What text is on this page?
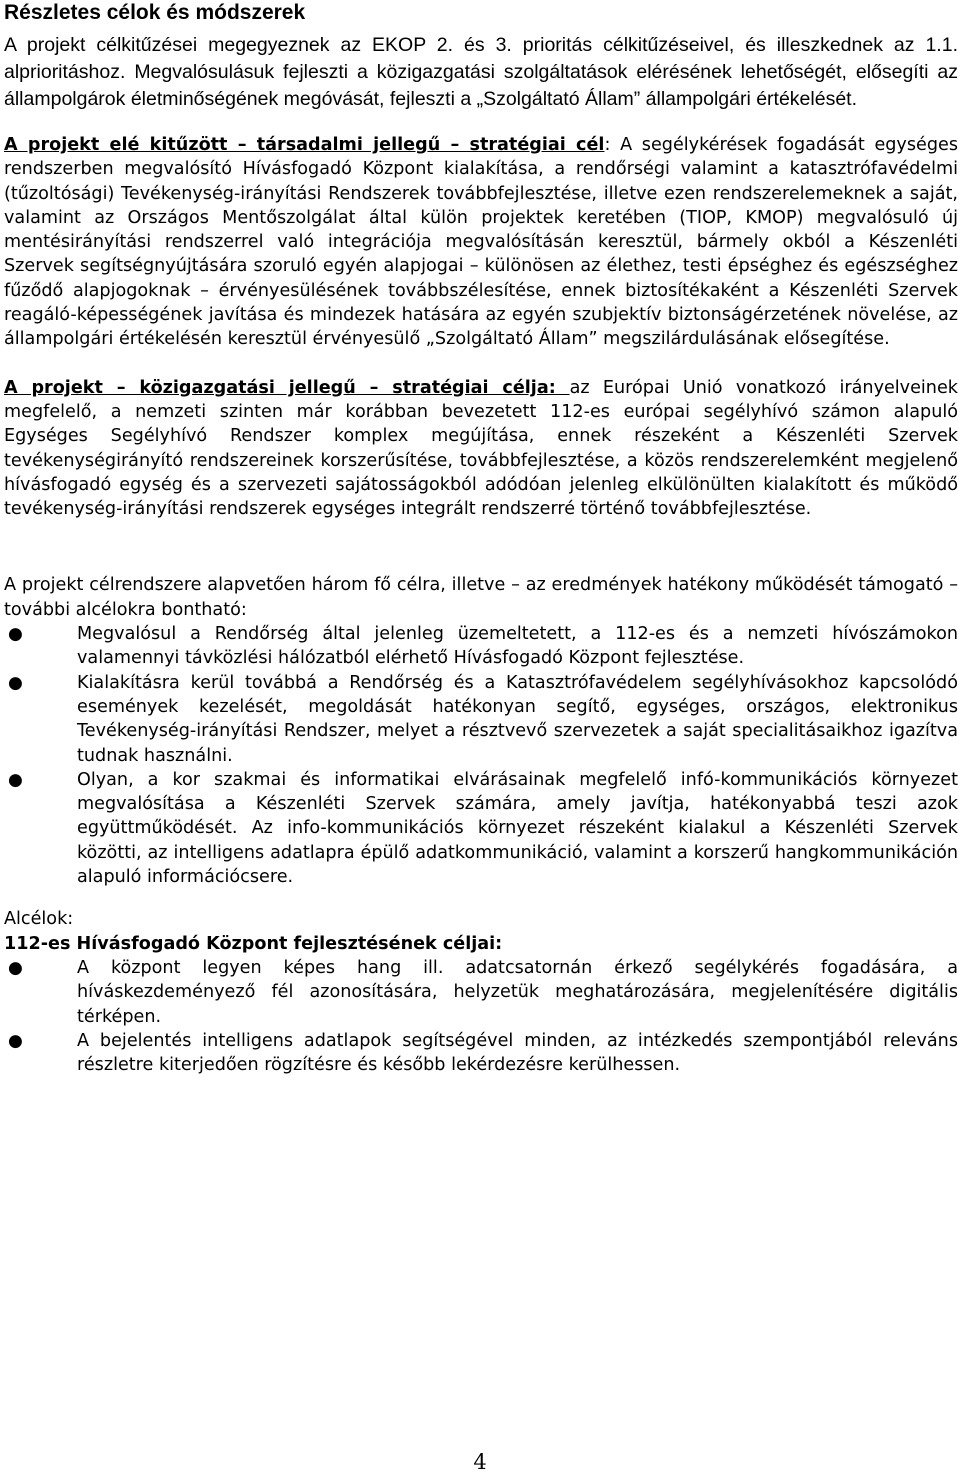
Részletes célok és módszerek

A projekt célkitűzései megegyeznek az EKOP 2. és 3. prioritás célkitűzéseivel, és illeszkednek az 1.1. alprioritáshoz. Megvalósulásuk fejleszti a közigazgatási szolgáltatások elérésének lehetőségét, elősegíti az állampolgárok életminőségének megóvását, fejleszti a „Szolgáltató Állam” állampolgári értékelését.

A projekt elé kitűzött – társadalmi jellegű – stratégiai cél: A segélykérések fogadását egységes rendszerben megvalósító Hívásfogadó Központ kialakítása, a rendőrségi valamint a katasztrófavédelmi (tűzoltósági) Tevékenység-irányítási Rendszerek továbbfejlesztése, illetve ezen rendszerelemeknek a saját, valamint az Országos Mentőszolgálat által külön projektek keretében (TIOP, KMOP) megvalósuló új mentésirányítási rendszerrel való integrációja megvalósításán keresztül, bármely okból a Készenléti Szervek segítségnyújtására szoruló egyén alapjogai – különösen az élethez, testi épséghez és egészséghez fűződő alapjogoknak – érvényesülésének továbbszélesítése, ennek biztosítékaként a Készenléti Szervek reagáló-képességének javítása és mindezek hatására az egyén szubjektív biztonságérzetének növelése, az állampolgári értékelésén keresztül érvényesülő „Szolgáltató Állam” megszilárdulásának elősegítése.

A projekt – közigazgatási jellegű – stratégiai célja: az Európai Unió vonatkozó irányelveinek megfelelő, a nemzeti szinten már korábban bevezetett 112-es európai segélyhívó számon alapuló Egységes Segélyhívó Rendszer komplex megújítása, ennek részeként a Készenléti Szervek tevékenységirányító rendszereinek korszerűsítése, továbbfejlesztése, a közös rendszerelemként megjelenő hívásfogadó egység és a szervezeti sajátosságokból adódóan jelenleg elkülönülten kialakított és működő tevékenység-irányítási rendszerek egységes integrált rendszerré történő továbbfejlesztése.

A projekt célrendszere alapvetően három fő célra, illetve – az eredmények hatékony működését támogató – további alcélokra bontható:

●	Megvalósul a Rendőrség által jelenleg üzemeltetett, a 112-es és a nemzeti hívószámokon valamennyi távközlési hálózatból elérhető Hívásfogadó Központ fejlesztése.
●	Kialakításra kerül továbbá a Rendőrség és a Katasztrófavédelem segélyhívásokhoz kapcsolódó események kezelését, megoldását hatékonyan segítő, egységes, országos, elektronikus Tevékenység-irányítási Rendszer, melyet a résztvevő szervezetek a saját specialitásaikhoz igazítva tudnak használni.
●	Olyan, a kor szakmai és informatikai elvárásainak megfelelő infó-kommunikációs környezet megvalósítása a Készenléti Szervek számára, amely javítja, hatékonyabbá teszi azok együttműködését. Az info-kommunikációs környezet részeként kialakul a Készenléti Szervek közötti, az intelligens adatlapra épülő adatkommunikáció, valamint a korszerű hangkommunikáción alapuló információcsere.

Alcélok:

112-es Hívásfogadó Központ fejlesztésének céljai:

●	A központ legyen képes hang ill. adatcsatornán érkező segélykérés fogadására, a híváskezdeményező fél azonosítására, helyzetük meghatározására, megjelenítésére digitális térképen.
●	A bejelentés intelligens adatlapok segítségével minden, az intézkedés szempontjából releváns részletre kiterjedően rögzítésre és később lekérdezésre kerülhessen.
4
